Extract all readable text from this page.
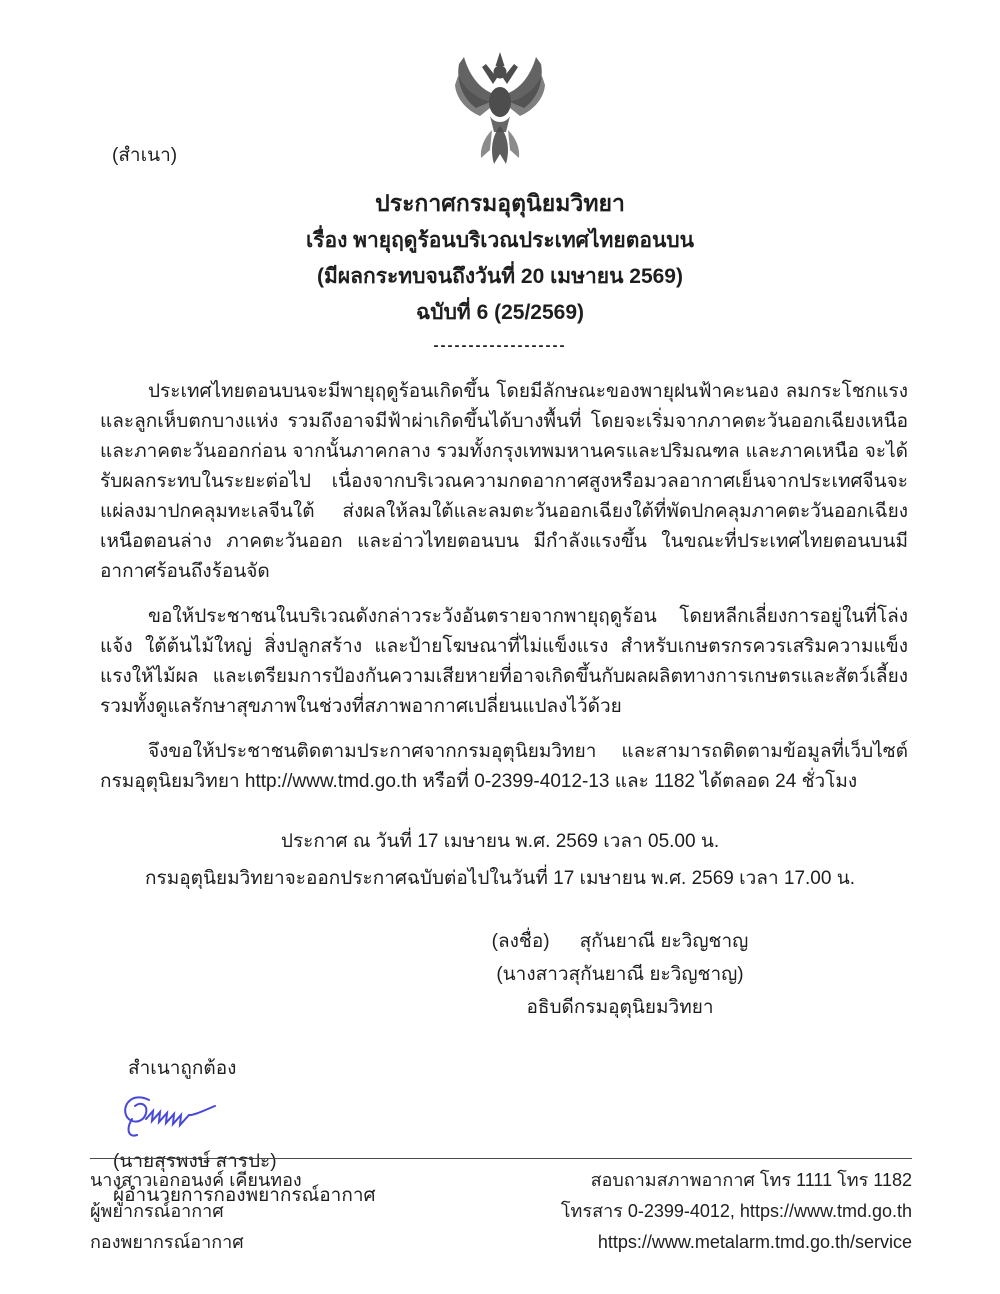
(สำเนา)
ประกาศกรมอุตุนิยมวิทยา
เรื่อง พายุฤดูร้อนบริเวณประเทศไทยตอนบน
(มีผลกระทบจนถึงวันที่ 20 เมษายน 2569)
ฉบับที่ 6 (25/2569)
-------------------

ประเทศไทยตอนบนจะมีพายุฤดูร้อนเกิดขึ้น โดยมีลักษณะของพายุฝนฟ้าคะนอง ลมกระโชกแรง และลูกเห็บตกบางแห่ง รวมถึงอาจมีฟ้าผ่าเกิดขึ้นได้บางพื้นที่ โดยจะเริ่มจากภาคตะวันออกเฉียงเหนือและภาคตะวันออกก่อน จากนั้นภาคกลาง รวมทั้งกรุงเทพมหานครและปริมณฑล และภาคเหนือ จะได้รับผลกระทบในระยะต่อไป เนื่องจากบริเวณความกดอากาศสูงหรือมวลอากาศเย็นจากประเทศจีนจะแผ่ลงมาปกคลุมทะเลจีนใต้ ส่งผลให้ลมใต้และลมตะวันออกเฉียงใต้ที่พัดปกคลุมภาคตะวันออกเฉียงเหนือตอนล่าง ภาคตะวันออก และอ่าวไทยตอนบน มีกำลังแรงขึ้น ในขณะที่ประเทศไทยตอนบนมีอากาศร้อนถึงร้อนจัด

ขอให้ประชาชนในบริเวณดังกล่าวระวังอันตรายจากพายุฤดูร้อน โดยหลีกเลี่ยงการอยู่ในที่โล่งแจ้ง ใต้ต้นไม้ใหญ่ สิ่งปลูกสร้าง และป้ายโฆษณาที่ไม่แข็งแรง สำหรับเกษตรกรควรเสริมความแข็งแรงให้ไม้ผล และเตรียมการป้องกันความเสียหายที่อาจเกิดขึ้นกับผลผลิตทางการเกษตรและสัตว์เลี้ยง รวมทั้งดูแลรักษาสุขภาพในช่วงที่สภาพอากาศเปลี่ยนแปลงไว้ด้วย

จึงขอให้ประชาชนติดตามประกาศจากกรมอุตุนิยมวิทยา และสามารถติดตามข้อมูลที่เว็บไซต์กรมอุตุนิยมวิทยา http://www.tmd.go.th หรือที่ 0-2399-4012-13 และ 1182 ได้ตลอด 24 ชั่วโมง

ประกาศ ณ วันที่ 17 เมษายน พ.ศ. 2569 เวลา 05.00 น.
กรมอุตุนิยมวิทยาจะออกประกาศฉบับต่อไปในวันที่ 17 เมษายน พ.ศ. 2569 เวลา 17.00 น.
(ลงชื่อ) สุกันยาณี ยะวิญชาญ
(นางสาวสุกันยาณี ยะวิญชาญ)
อธิบดีกรมอุตุนิยมวิทยา
สำเนาถูกต้อง
(นายสุรพงษ์ สารปะ)
ผู้อำนวยการกองพยากรณ์อากาศ
นางสาวเอกอนงค์ เคียนทอง
ผู้พยากรณ์อากาศ
กองพยากรณ์อากาศ
สอบถามสภาพอากาศ โทร 1111 โทร 1182
โทรสาร 0-2399-4012, https://www.tmd.go.th
https://www.metalarm.tmd.go.th/service
